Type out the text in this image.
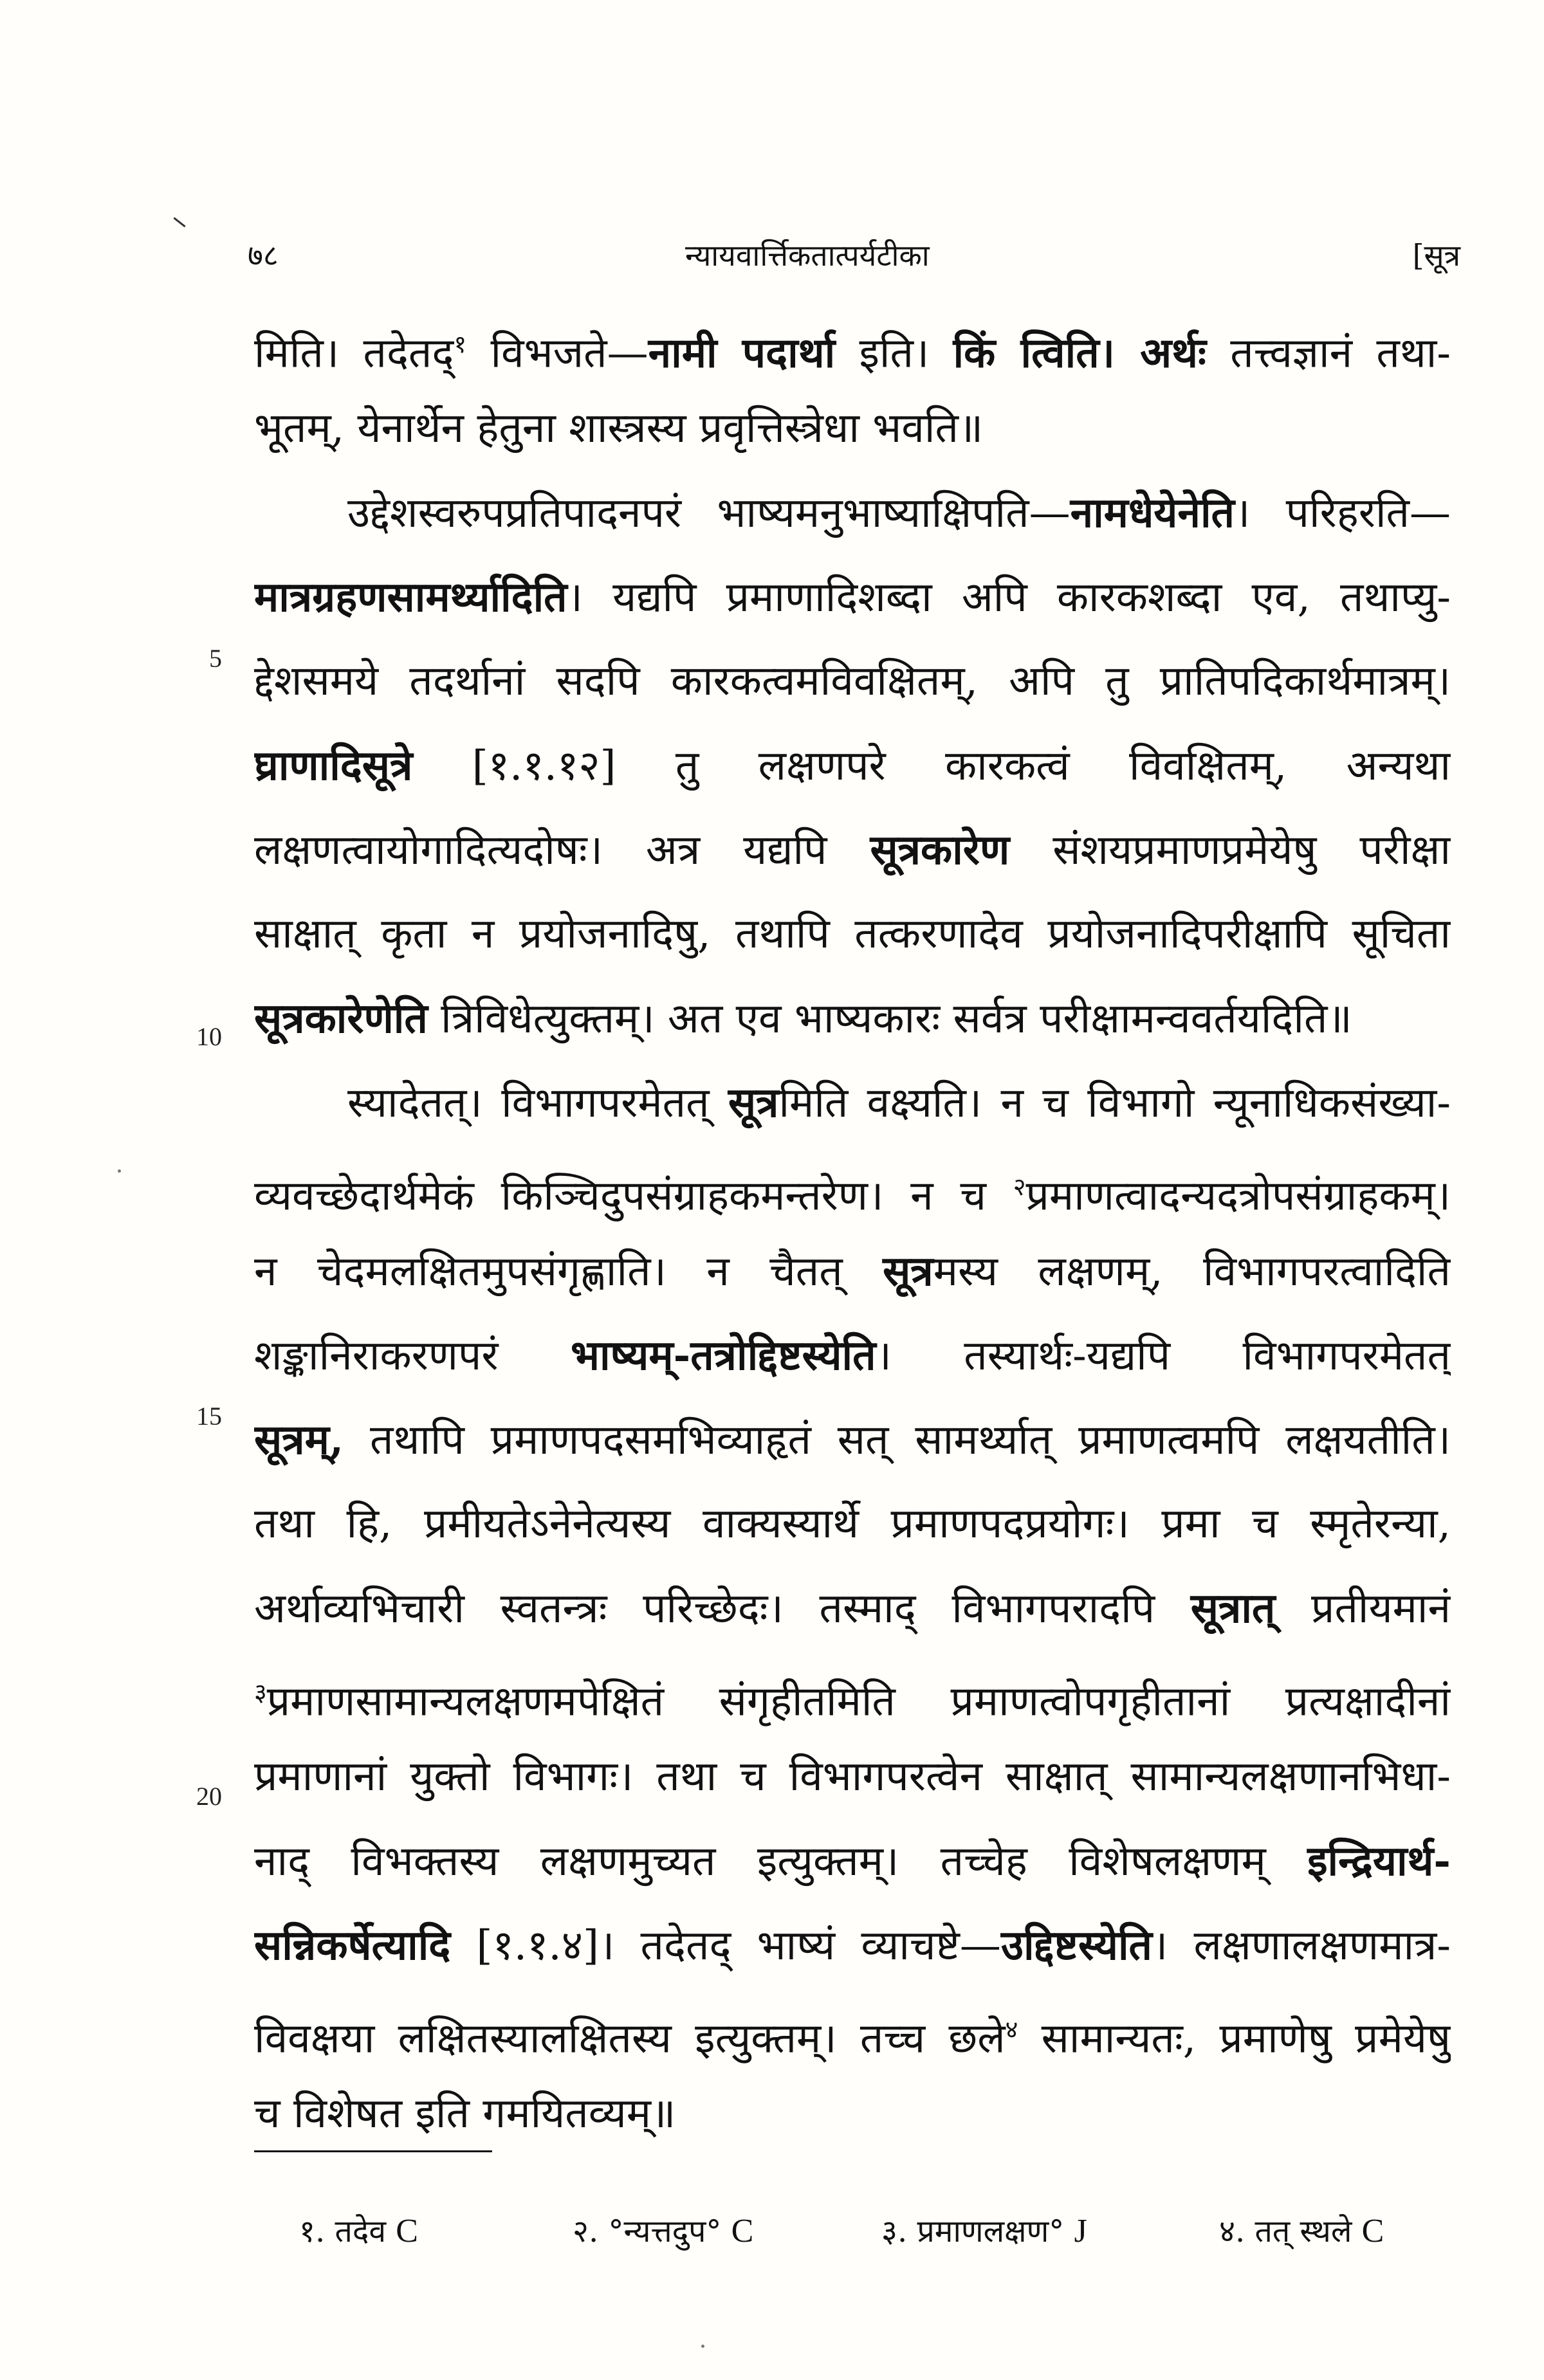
७८	न्यायवार्त्तिकतात्पर्यटीका	[सूत्र
मिति। तदेतद्$^१$ विभजते—नामी पदार्था इति। किं त्विति। अर्थः तत्त्वज्ञानं तथा-
भूतम्, येनार्थेन हेतुना शास्त्रस्य प्रवृत्तिस्त्रेधा भवति॥
उद्देशस्वरुपप्रतिपादनपरं भाष्यमनुभाष्याक्षिपति—नामधेयेनेति। परिहरति—
मात्रग्रहणसामर्थ्यादिति। यद्यपि प्रमाणादिशब्दा अपि कारकशब्दा एव, तथाप्यु-
द्देशसमये तदर्थानां सदपि कारकत्वमविवक्षितम्, अपि तु प्रातिपदिकार्थमात्रम्।
घ्राणादिसूत्रे [१.१.१२] तु लक्षणपरे कारकत्वं विवक्षितम्, अन्यथा
लक्षणत्वायोगादित्यदोषः। अत्र यद्यपि सूत्रकारेण संशयप्रमाणप्रमेयेषु परीक्षा
साक्षात् कृता न प्रयोजनादिषु, तथापि तत्करणादेव प्रयोजनादिपरीक्षापि सूचिता
सूत्रकारेणेति त्रिविधेत्युक्तम्। अत एव भाष्यकारः सर्वत्र परीक्षामन्ववर्तयदिति॥
स्यादेतत्। विभागपरमेतत् सूत्रमिति वक्ष्यति। न च विभागो न्यूनाधिकसंख्या-
व्यवच्छेदार्थमेकं किञ्चिदुपसंग्राहकमन्तरेण। न च $^२$प्रमाणत्वादन्यदत्रोपसंग्राहकम्।
न चेदमलक्षितमुपसंगृह्णाति। न चैतत् सूत्रमस्य लक्षणम्, विभागपरत्वादिति
शङ्कानिराकरणपरं भाष्यम्-तत्रोद्दिष्टस्येति। तस्यार्थः-यद्यपि विभागपरमेतत्
सूत्रम्, तथापि प्रमाणपदसमभिव्याहृतं सत् सामर्थ्यात् प्रमाणत्वमपि लक्षयतीति।
तथा हि, प्रमीयतेऽनेनेत्यस्य वाक्यस्यार्थे प्रमाणपदप्रयोगः। प्रमा च स्मृतेरन्या,
अर्थाव्यभिचारी स्वतन्त्रः परिच्छेदः। तस्माद् विभागपरादपि सूत्रात् प्रतीयमानं
$^३$प्रमाणसामान्यलक्षणमपेक्षितं संगृहीतमिति प्रमाणत्वोपगृहीतानां प्रत्यक्षादीनां
प्रमाणानां युक्तो विभागः। तथा च विभागपरत्वेन साक्षात् सामान्यलक्षणानभिधा-
नाद् विभक्तस्य लक्षणमुच्यत इत्युक्तम्। तच्चेह विशेषलक्षणम् इन्द्रियार्थ-
सन्निकर्षेत्यादि [१.१.४]। तदेतद् भाष्यं व्याचष्टे—उद्दिष्टस्येति। लक्षणालक्षणमात्र-
विवक्षया लक्षितस्यालक्षितस्य इत्युक्तम्। तच्च छले$^४$ सामान्यतः, प्रमाणेषु प्रमेयेषु
च विशेषत इति गमयितव्यम्॥
5
10
15
20
१. तदेव C	२. °न्यत्तदुप° C	३. प्रमाणलक्षण° J	४. तत् स्थले C
